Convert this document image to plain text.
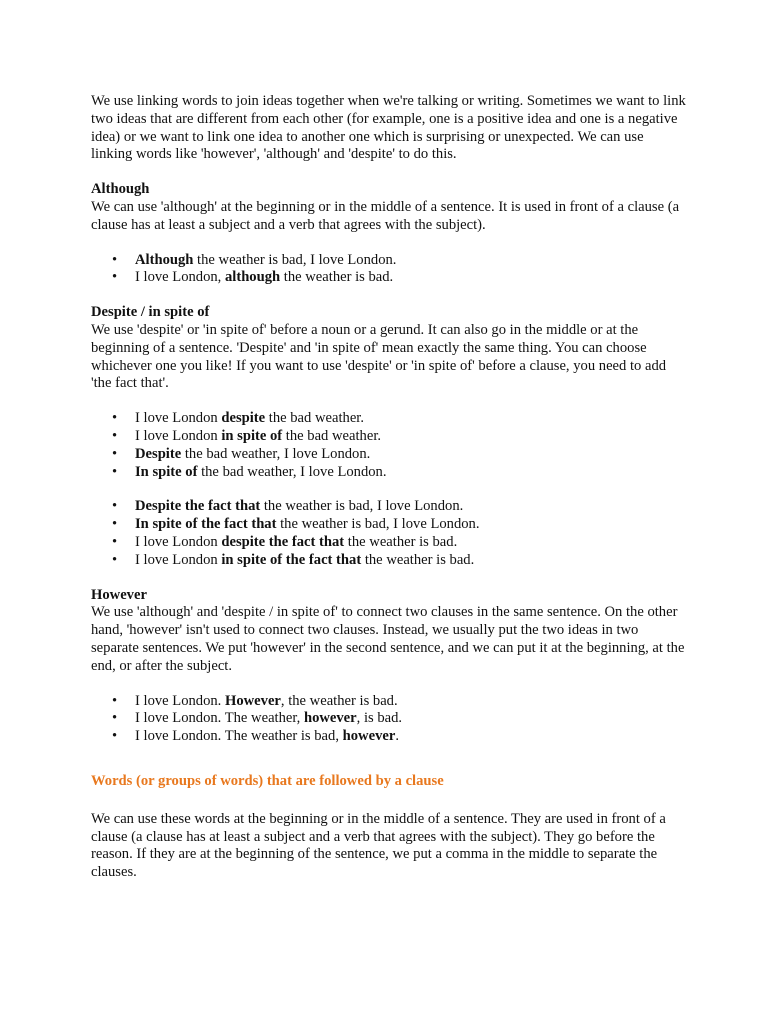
We use linking words to join ideas together when we're talking or writing. Sometimes we want to link two ideas that are different from each other (for example, one is a positive idea and one is a negative idea) or we want to link one idea to another one which is surprising or unexpected. We can use linking words like 'however', 'although' and 'despite' to do this.

Although

We can use 'although' at the beginning or in the middle of a sentence. It is used in front of a clause (a clause has at least a subject and a verb that agrees with the subject).

• Although the weather is bad, I love London.
• I love London, although the weather is bad.

Despite / in spite of

We use 'despite' or 'in spite of' before a noun or a gerund. It can also go in the middle or at the beginning of a sentence. 'Despite' and 'in spite of' mean exactly the same thing. You can choose whichever one you like! If you want to use 'despite' or 'in spite of' before a clause, you need to add 'the fact that'.

• I love London despite the bad weather.
• I love London in spite of the bad weather.
• Despite the bad weather, I love London.
• In spite of the bad weather, I love London.
• Despite the fact that the weather is bad, I love London.
• In spite of the fact that the weather is bad, I love London.
• I love London despite the fact that the weather is bad.
• I love London in spite of the fact that the weather is bad.

However

We use 'although' and 'despite / in spite of' to connect two clauses in the same sentence. On the other hand, 'however' isn't used to connect two clauses. Instead, we usually put the two ideas in two separate sentences. We put 'however' in the second sentence, and we can put it at the beginning, at the end, or after the subject.

• I love London. However, the weather is bad.
• I love London. The weather, however, is bad.
• I love London. The weather is bad, however.

Words (or groups of words) that are followed by a clause

We can use these words at the beginning or in the middle of a sentence. They are used in front of a clause (a clause has at least a subject and a verb that agrees with the subject). They go before the reason. If they are at the beginning of the sentence, we put a comma in the middle to separate the clauses.
